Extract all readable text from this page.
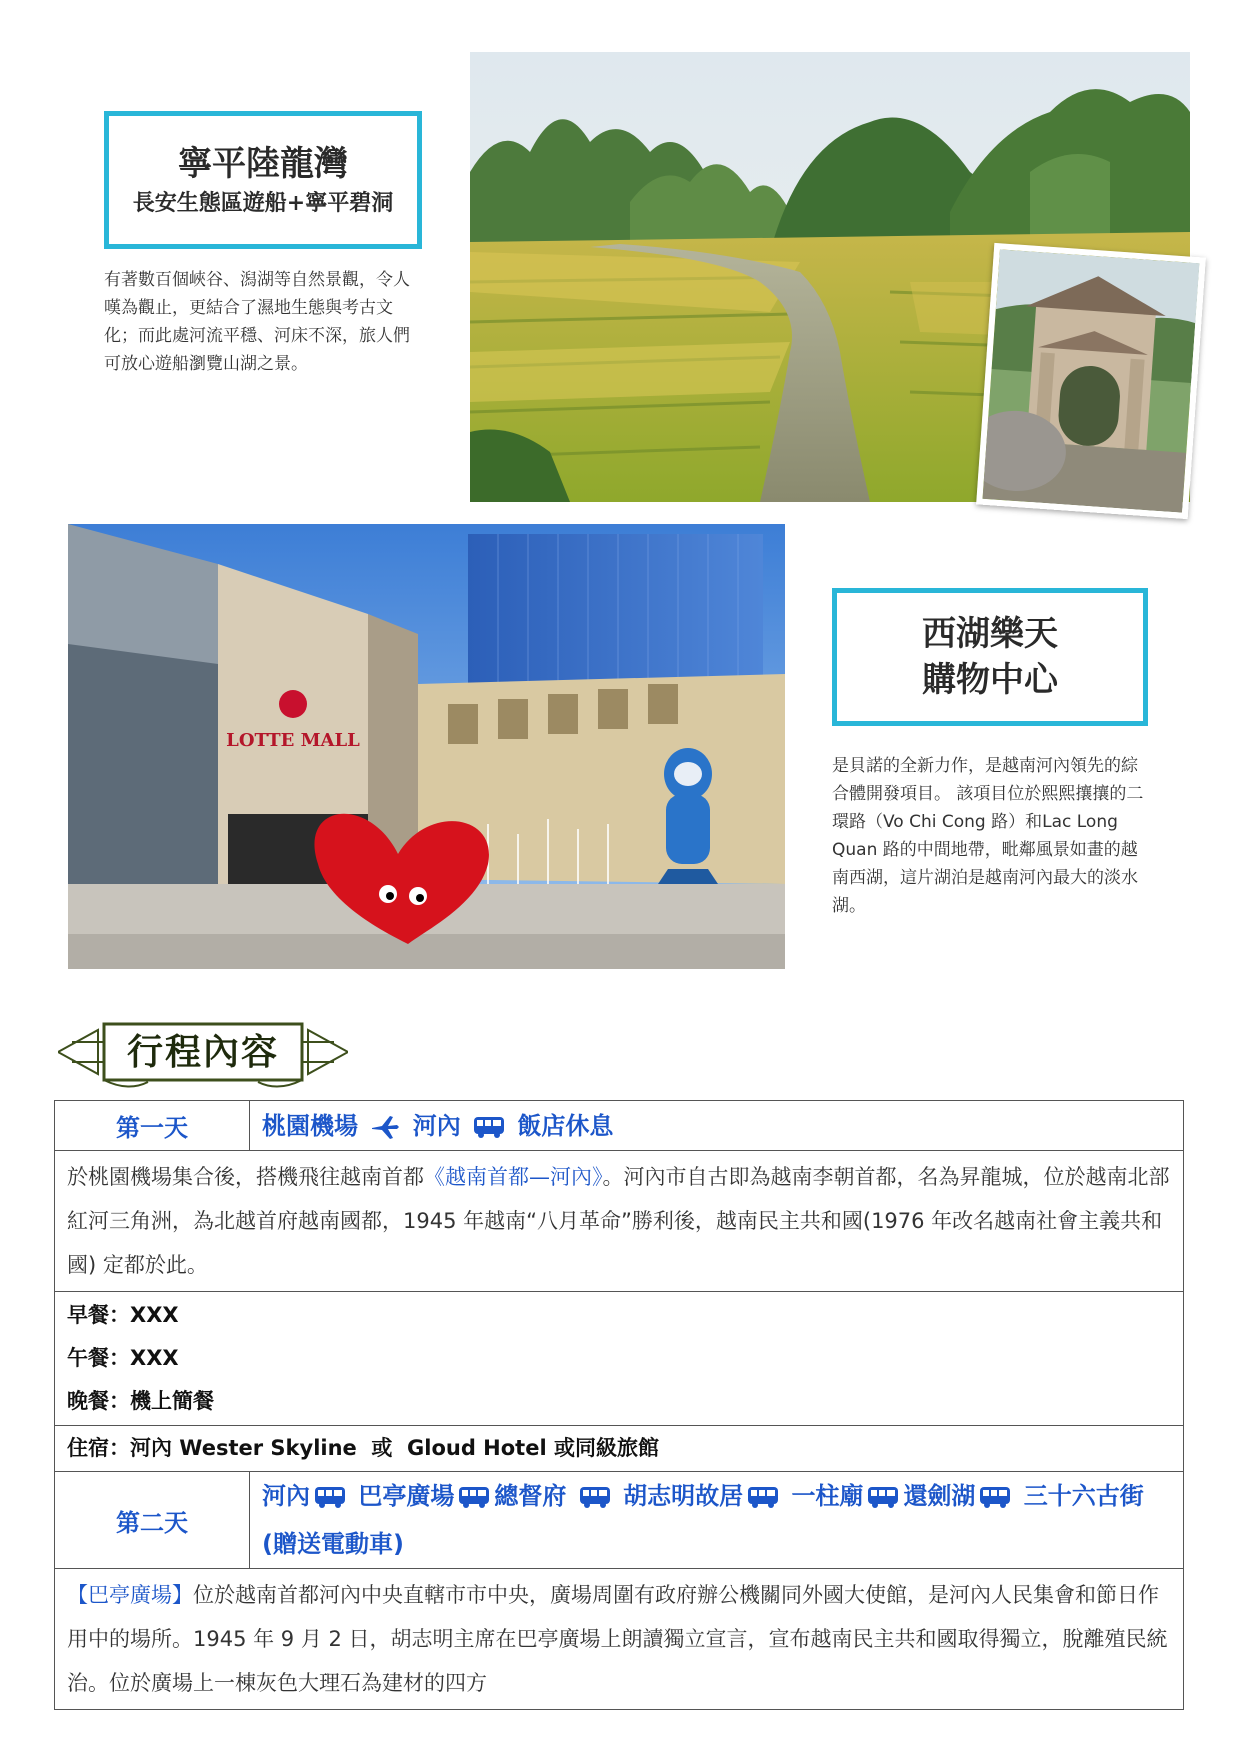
寧平陸龍灣
長安生態區遊船+寧平碧洞
有著數百個峽谷、潟湖等自然景觀，令人嘆為觀止，更結合了濕地生態與考古文化；而此處河流平穩、河床不深，旅人們可放心遊船瀏覽山湖之景。
LOTTE MALL
西湖樂天
購物中心
是貝諾的全新力作，是越南河內領先的綜合體開發項目。 該項目位於熙熙攘攘的二環路（Vo Chi Cong 路）和Lac Long Quan 路的中間地帶，毗鄰風景如畫的越南西湖，這片湖泊是越南河內最大的淡水湖。
行程內容
第一天	桃園機場 河內 飯店休息
於桃園機場集合後，搭機飛往越南首都《越南首都—河內》。河內市自古即為越南李朝首都，名為昇龍城，位於越南北部紅河三角洲，為北越首府越南國都，1945 年越南“八月革命”勝利後，越南民主共和國(1976 年改名越南社會主義共和國) 定都於此。	

早餐：XXX
午餐：XXX
晚餐：機上簡餐	

住宿：河內 Wester Skyline  或  Gloud Hotel 或同級旅館	
第二天	河內 巴亭廣場 總督府 胡志明故居 一柱廟 還劍湖 三十六古街(贈送電動車)
【巴亭廣場】位於越南首都河內中央直轄市市中央，廣場周圍有政府辦公機關同外國大使館，是河內人民集會和節日作用中的場所。1945 年 9 月 2 日，胡志明主席在巴亭廣場上朗讀獨立宣言，宣布越南民主共和國取得獨立，脫離殖民統治。位於廣場上一棟灰色大理石為建材的四方	
